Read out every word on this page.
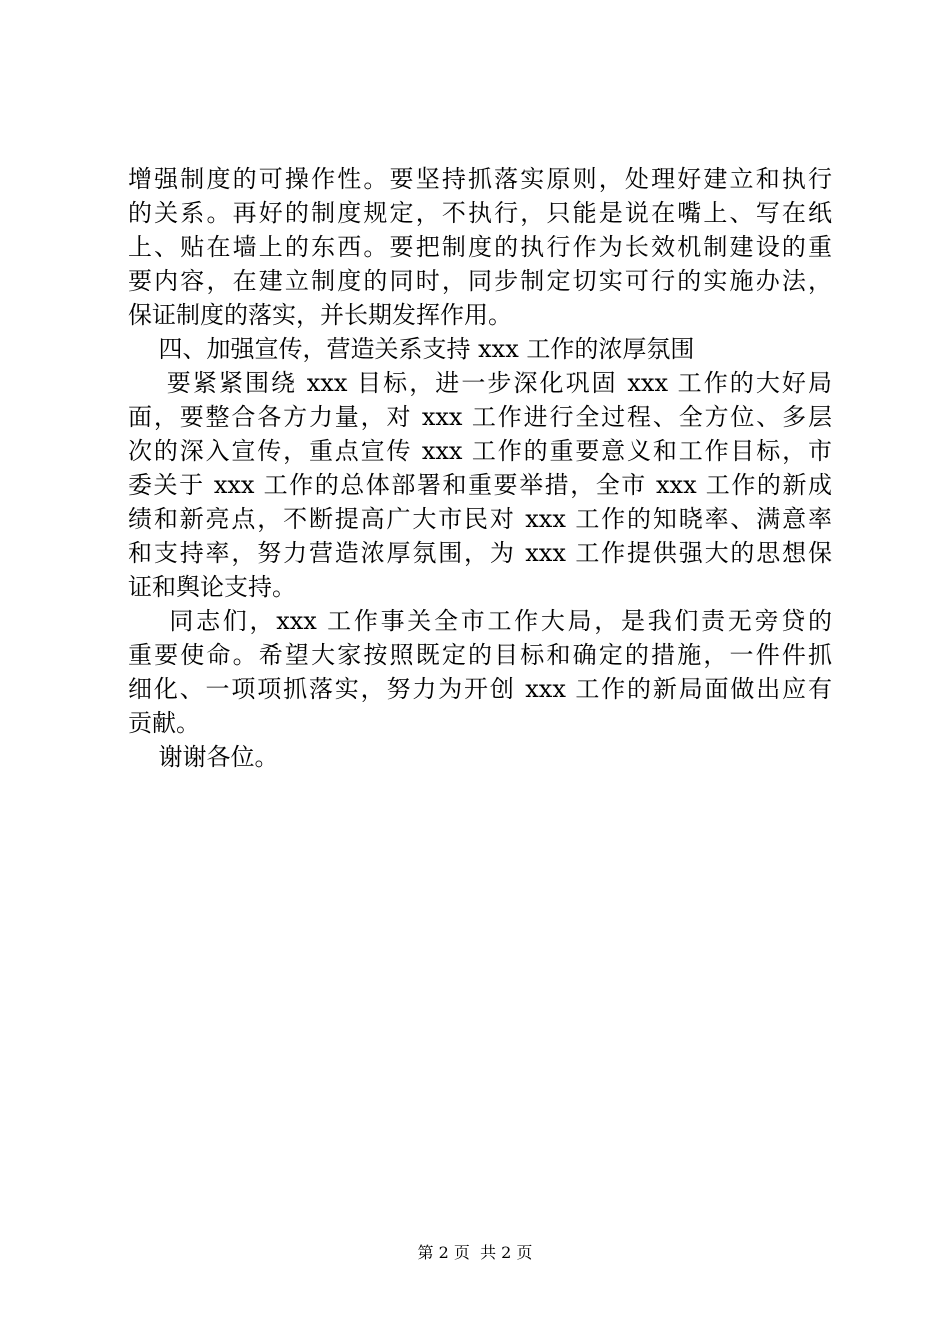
增强制度的可操作性。要坚持抓落实原则，处理好建立和执行
的关系。再好的制度规定，不执行，只能是说在嘴上、写在纸
上、贴在墙上的东西。要把制度的执行作为长效机制建设的重
要内容，在建立制度的同时，同步制定切实可行的实施办法，
保证制度的落实，并长期发挥作用。
四、加强宣传，营造关系支持 xxx 工作的浓厚氛围
要紧紧围绕 xxx 目标，进一步深化巩固 xxx 工作的大好局
面，要整合各方力量，对 xxx 工作进行全过程、全方位、多层
次的深入宣传，重点宣传 xxx 工作的重要意义和工作目标，市
委关于 xxx 工作的总体部署和重要举措，全市 xxx 工作的新成
绩和新亮点，不断提高广大市民对 xxx 工作的知晓率、满意率
和支持率，努力营造浓厚氛围，为 xxx 工作提供强大的思想保
证和舆论支持。
同志们，xxx 工作事关全市工作大局，是我们责无旁贷的
重要使命。希望大家按照既定的目标和确定的措施，一件件抓
细化、一项项抓落实，努力为开创 xxx 工作的新局面做出应有
贡献。
谢谢各位。
第 2 页  共 2 页
